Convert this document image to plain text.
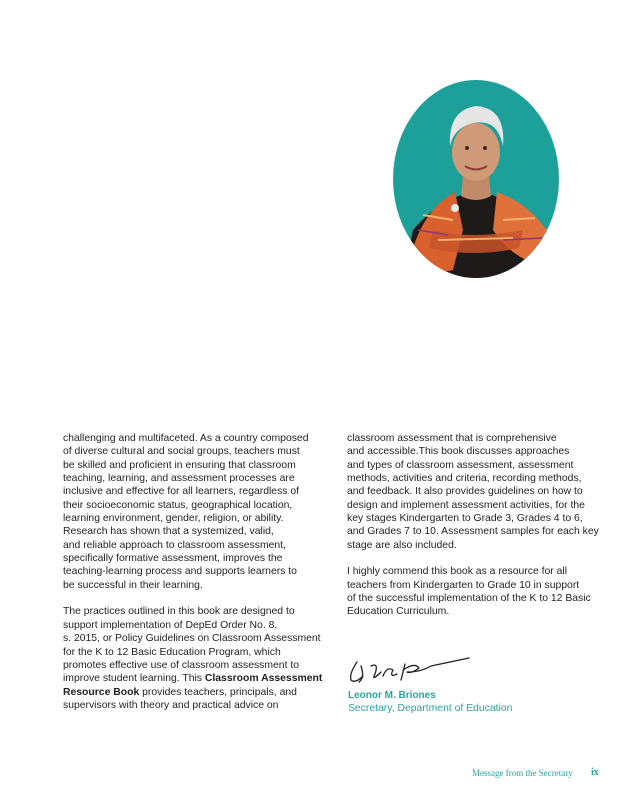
challenging and multifaceted. As a country composed
of diverse cultural and social groups, teachers must
be skilled and proficient in ensuring that classroom
teaching, learning, and assessment processes are
inclusive and effective for all learners, regardless of
their socioeconomic status, geographical location,
learning environment, gender, religion, or ability.
Research has shown that a systemized, valid,
and reliable approach to classroom assessment,
specifically formative assessment, improves the
teaching-learning process and supports learners to
be successful in their learning.

The practices outlined in this book are designed to
support implementation of DepEd Order No. 8,
s. 2015, or Policy Guidelines on Classroom Assessment
for the K to 12 Basic Education Program, which
promotes effective use of classroom assessment to
improve student learning. This Classroom Assessment
Resource Book provides teachers, principals, and
supervisors with theory and practical advice on

classroom assessment that is comprehensive
and accessible.This book discusses approaches
and types of classroom assessment, assessment
methods, activities and criteria, recording methods,
and feedback. It also provides guidelines on how to
design and implement assessment activities, for the
key stages Kindergarten to Grade 3, Grades 4 to 6,
and Grades 7 to 10. Assessment samples for each key
stage are also included.

I highly commend this book as a resource for all
teachers from Kindergarten to Grade 10 in support
of the successful implementation of the K to 12 Basic
Education Curriculum.

Leonor M. Briones
Secretary, Department of Education
Message from the Secretary ix
